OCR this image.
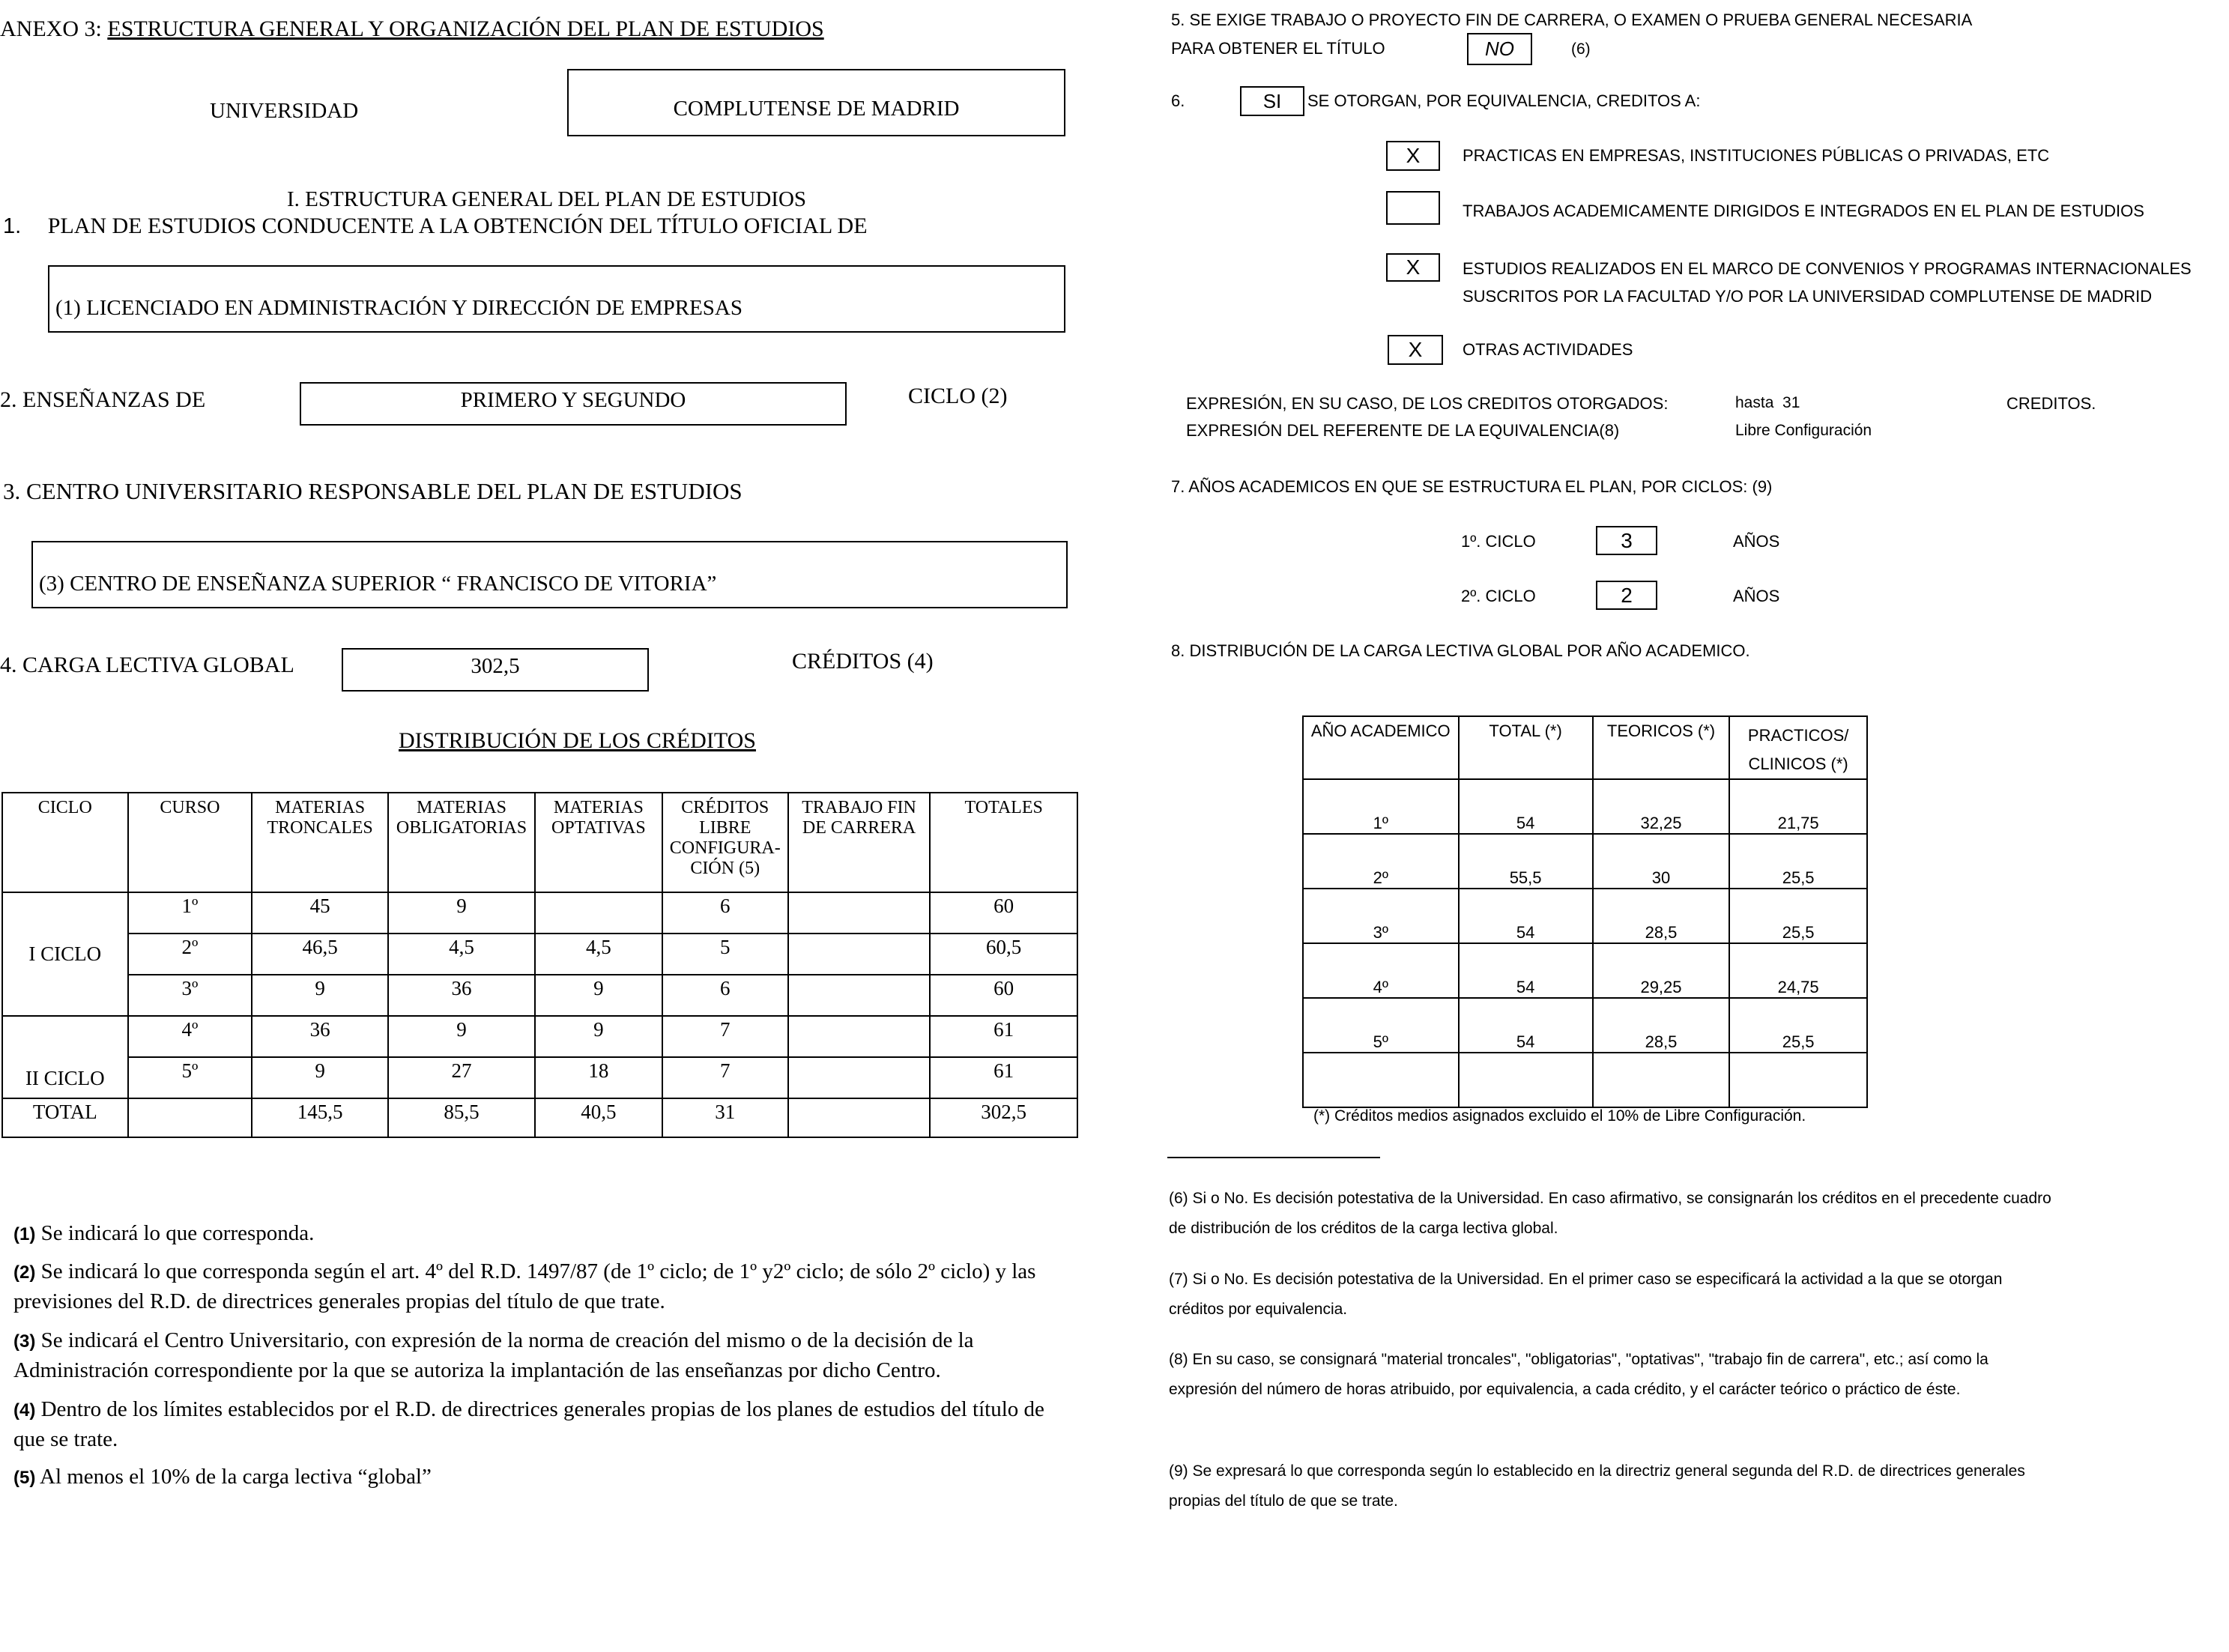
ANEXO 3: ESTRUCTURA GENERAL Y ORGANIZACIÓN DEL PLAN DE ESTUDIOS
UNIVERSIDAD	COMPLUTENSE DE MADRID
I. ESTRUCTURA GENERAL DEL PLAN DE ESTUDIOS
1. PLAN DE ESTUDIOS CONDUCENTE A LA OBTENCIÓN DEL TÍTULO OFICIAL DE
(1) LICENCIADO EN ADMINISTRACIÓN Y DIRECCIÓN DE EMPRESAS
2. ENSEÑANZAS DE	PRIMERO Y SEGUNDO	CICLO (2)
3. CENTRO UNIVERSITARIO RESPONSABLE DEL PLAN DE ESTUDIOS
(3) CENTRO DE ENSEÑANZA SUPERIOR “ FRANCISCO DE VITORIA”
4. CARGA LECTIVA GLOBAL	302,5	CRÉDITOS (4)
DISTRIBUCIÓN DE LOS CRÉDITOS
CICLO	CURSO	MATERIAS TRONCALES	MATERIAS OBLIGATORIAS	MATERIAS OPTATIVAS	CRÉDITOS LIBRE CONFIGURA- CIÓN (5)	TRABAJO FIN DE CARRERA	TOTALES
I CICLO	1º	45	9		6		60
	2º	46,5	4,5	4,5	5		60,5
	3º	9	36	9	6		60
II CICLO	4º	36	9	9	7		61
	5º	9	27	18	7		61
TOTAL		145,5	85,5	40,5	31		302,5
(1) Se indicará lo que corresponda.
(2) Se indicará lo que corresponda según el art. 4º del R.D. 1497/87 (de 1º ciclo; de 1º y2º ciclo; de sólo 2º ciclo) y las previsiones del R.D. de directrices generales propias del título de que trate.
(3) Se indicará el Centro Universitario, con expresión de la norma de creación del mismo o de la decisión de la Administración correspondiente por la que se autoriza la implantación de las enseñanzas por dicho Centro.
(4) Dentro de los límites establecidos por el R.D. de directrices generales propias de los planes de estudios del título de que se trate.
(5) Al menos el 10% de la carga lectiva “global”
5. SE EXIGE TRABAJO O PROYECTO FIN DE CARRERA, O EXAMEN O PRUEBA GENERAL NECESARIA
PARA OBTENER EL TÍTULO	NO	(6)
6.	SI	SE OTORGAN, POR EQUIVALENCIA, CREDITOS A:
X	PRACTICAS EN EMPRESAS, INSTITUCIONES PÚBLICAS O PRIVADAS, ETC
TRABAJOS ACADEMICAMENTE DIRIGIDOS E INTEGRADOS EN EL PLAN DE ESTUDIOS
X	ESTUDIOS REALIZADOS EN EL MARCO DE CONVENIOS Y PROGRAMAS INTERNACIONALES
SUSCRITOS POR LA FACULTAD Y/O POR LA UNIVERSIDAD COMPLUTENSE DE MADRID
X	OTRAS ACTIVIDADES
EXPRESIÓN, EN SU CASO, DE LOS CREDITOS OTORGADOS:	hasta  31	CREDITOS.
EXPRESIÓN DEL REFERENTE DE LA EQUIVALENCIA(8)	Libre Configuración
7. AÑOS ACADEMICOS EN QUE SE ESTRUCTURA EL PLAN, POR CICLOS: (9)
1º. CICLO	3	AÑOS
2º. CICLO	2	AÑOS
8. DISTRIBUCIÓN DE LA CARGA LECTIVA GLOBAL POR AÑO ACADEMICO.
AÑO ACADEMICO	TOTAL (*)	TEORICOS (*)	PRACTICOS/
CLINICOS (*)

1º	54	32,25	21,75
2º	55,5	30	25,5
3º	54	28,5	25,5
4º	54	29,25	24,75
5º	54	28,5	25,5

(*) Créditos medios asignados excluido el 10% de Libre Configuración.
(6) Si o No. Es decisión potestativa de la Universidad. En caso afirmativo, se consignarán los créditos en el precedente cuadro de distribución de los créditos de la carga lectiva global.
(7) Si o No. Es decisión potestativa de la Universidad. En el primer caso se especificará la actividad a la que se otorgan créditos por equivalencia.
(8) En su caso, se consignará "material troncales", "obligatorias", "optativas", "trabajo fin de carrera", etc.; así como la expresión del número de horas atribuido, por equivalencia, a cada crédito, y el carácter teórico o práctico de éste.
(9) Se expresará lo que corresponda según lo establecido en la directriz general segunda del R.D. de directrices generales propias del título de que se trate.
